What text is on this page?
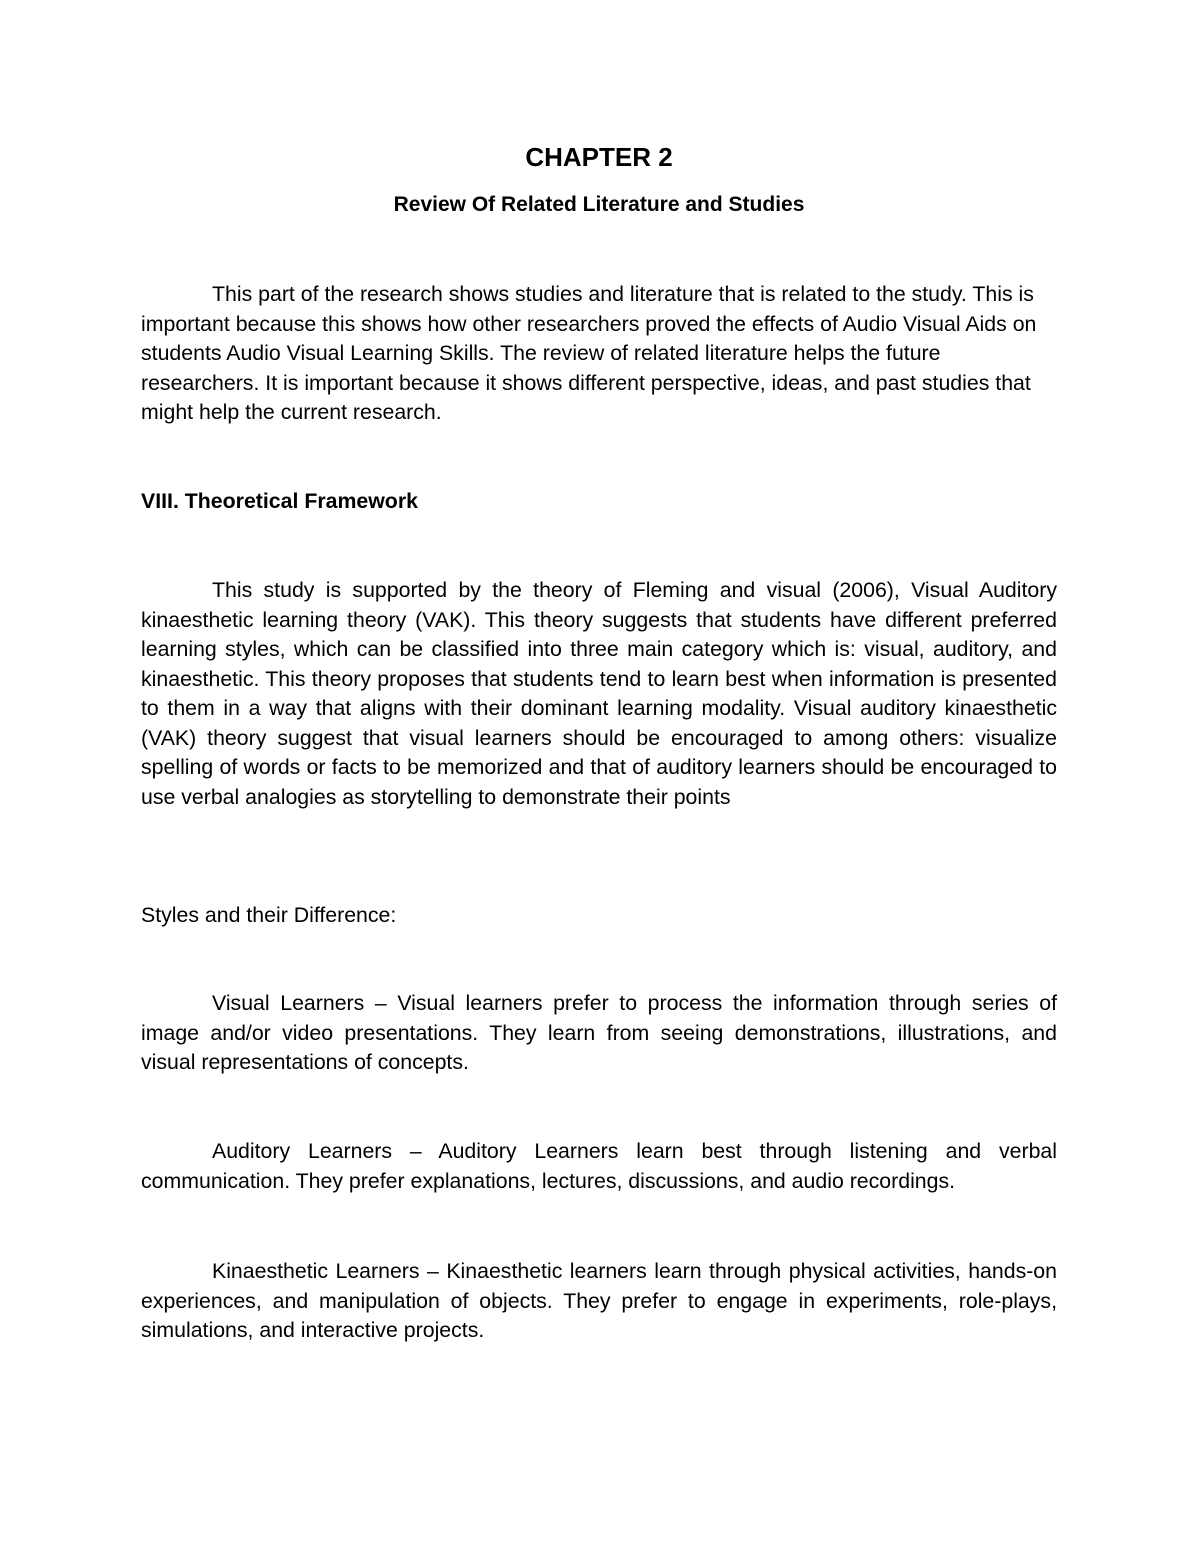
CHAPTER 2
Review Of Related Literature and Studies

This part of the research shows studies and literature that is related to the study. This is important because this shows how other researchers proved the effects of Audio Visual Aids on students Audio Visual Learning Skills. The review of related literature helps the future researchers. It is important because it shows different perspective, ideas, and past studies that might help the current research.

VIII. Theoretical Framework

This study is supported by the theory of Fleming and visual (2006), Visual Auditory kinaesthetic learning theory (VAK). This theory suggests that students have different preferred learning styles, which can be classified into three main category which is: visual, auditory, and kinaesthetic. This theory proposes that students tend to learn best when information is presented to them in a way that aligns with their dominant learning modality. Visual auditory kinaesthetic (VAK) theory suggest that visual learners should be encouraged to among others: visualize spelling of words or facts to be memorized and that of auditory learners should be encouraged to use verbal analogies as storytelling to demonstrate their points

Styles and their Difference:

Visual Learners – Visual learners prefer to process the information through series of image and/or video presentations. They learn from seeing demonstrations, illustrations, and visual representations of concepts.

Auditory Learners – Auditory Learners learn best through listening and verbal communication. They prefer explanations, lectures, discussions, and audio recordings.

Kinaesthetic Learners – Kinaesthetic learners learn through physical activities, hands-on experiences, and manipulation of objects. They prefer to engage in experiments, role-plays, simulations, and interactive projects.
